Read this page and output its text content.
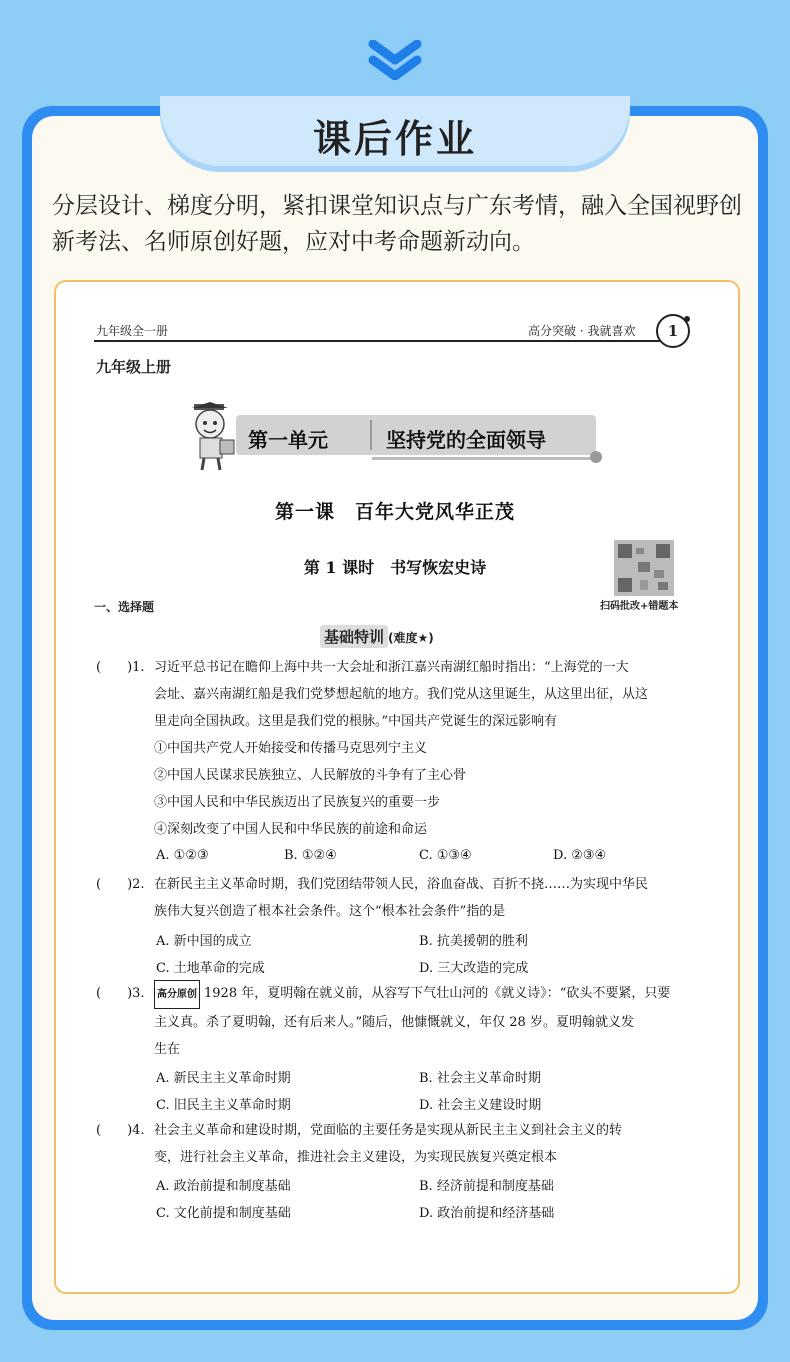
课后作业
分层设计、梯度分明，紧扣课堂知识点与广东考情，融入全国视野创新考法、名师原创好题，应对中考命题新动向。
九年级全一册	高分突破 · 我就喜欢	1
九年级上册
第一单元	坚持党的全面领导
第一课　百年大党风华正茂
第 1 课时　书写恢宏史诗
扫码批改+错题本
一、选择题
基础特训 (难度★)
(　　)1. 习近平总书记在瞻仰上海中共一大会址和浙江嘉兴南湖红船时指出：“上海党的一大
会址、嘉兴南湖红船是我们党梦想起航的地方。我们党从这里诞生，从这里出征，从这
里走向全国执政。这里是我们党的根脉。”中国共产党诞生的深远影响有
①中国共产党人开始接受和传播马克思列宁主义
②中国人民谋求民族独立、人民解放的斗争有了主心骨
③中国人民和中华民族迈出了民族复兴的重要一步
④深刻改变了中国人民和中华民族的前途和命运
A. ①②③	B. ①②④	C. ①③④	D. ②③④
(　　)2. 在新民主主义革命时期，我们党团结带领人民，浴血奋战、百折不挠……为实现中华民
族伟大复兴创造了根本社会条件。这个“根本社会条件”指的是
A. 新中国的成立	B. 抗美援朝的胜利
C. 土地革命的完成	D. 三大改造的完成
(　　)3.	高分原创 1928 年，夏明翰在就义前，从容写下气壮山河的《就义诗》：“砍头不要紧，只要
主义真。杀了夏明翰，还有后来人。”随后，他慷慨就义，年仅 28 岁。夏明翰就义发
生在
A. 新民主主义革命时期	B. 社会主义革命时期
C. 旧民主主义革命时期	D. 社会主义建设时期
(　　)4. 社会主义革命和建设时期，党面临的主要任务是实现从新民主主义到社会主义的转
变，进行社会主义革命，推进社会主义建设，为实现民族复兴奠定根本
A. 政治前提和制度基础	B. 经济前提和制度基础
C. 文化前提和制度基础	D. 政治前提和经济基础
